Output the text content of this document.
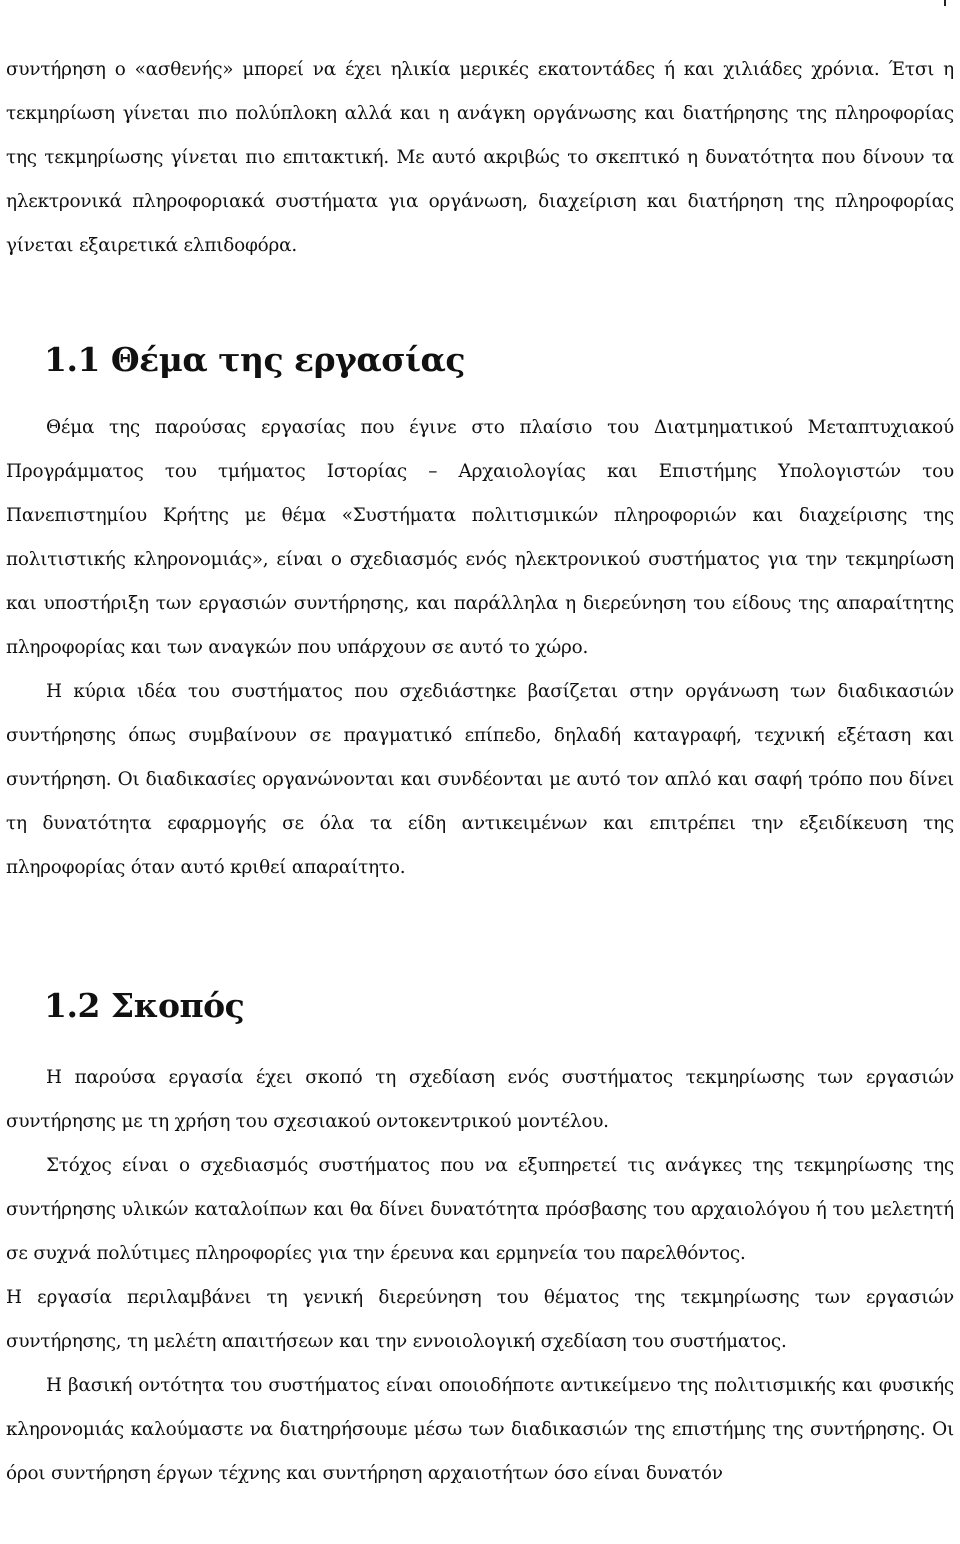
συντήρηση ο «ασθενής» μπορεί να έχει ηλικία μερικές εκατοντάδες ή και χιλιάδες χρόνια. Έτσι η τεκμηρίωση γίνεται πιο πολύπλοκη αλλά και η ανάγκη οργάνωσης και διατήρησης της πληροφορίας της τεκμηρίωσης γίνεται πιο επιτακτική. Με αυτό ακριβώς το σκεπτικό η δυνατότητα που δίνουν τα ηλεκτρονικά πληροφοριακά συστήματα για οργάνωση, διαχείριση και διατήρηση της πληροφορίας γίνεται εξαιρετικά ελπιδοφόρα.

1.1 Θέμα της εργασίας

Θέμα της παρούσας εργασίας που έγινε στο πλαίσιο του Διατμηματικού Μεταπτυχιακού Προγράμματος του τμήματος Ιστορίας – Αρχαιολογίας και Επιστήμης Υπολογιστών του Πανεπιστημίου Κρήτης με θέμα «Συστήματα πολιτισμικών πληροφοριών και διαχείρισης της πολιτιστικής κληρονομιάς», είναι ο σχεδιασμός ενός ηλεκτρονικού συστήματος για την τεκμηρίωση και υποστήριξη των εργασιών συντήρησης, και παράλληλα η διερεύνηση του είδους της απαραίτητης πληροφορίας και των αναγκών που υπάρχουν σε αυτό το χώρο.

Η κύρια ιδέα του συστήματος που σχεδιάστηκε βασίζεται στην οργάνωση των διαδικασιών συντήρησης όπως συμβαίνουν σε πραγματικό επίπεδο, δηλαδή καταγραφή, τεχνική εξέταση και συντήρηση. Οι διαδικασίες οργανώνονται και συνδέονται με αυτό τον απλό και σαφή τρόπο που δίνει τη δυνατότητα εφαρμογής σε όλα τα είδη αντικειμένων και επιτρέπει την εξειδίκευση της πληροφορίας όταν αυτό κριθεί απαραίτητο.

1.2 Σκοπός

Η παρούσα εργασία έχει σκοπό τη σχεδίαση ενός συστήματος τεκμηρίωσης των εργασιών συντήρησης με τη χρήση του σχεσιακού οντοκεντρικού μοντέλου.

Στόχος είναι ο σχεδιασμός συστήματος που να εξυπηρετεί τις ανάγκες της τεκμηρίωσης της συντήρησης υλικών καταλοίπων και θα δίνει δυνατότητα πρόσβασης του αρχαιολόγου ή του μελετητή σε συχνά πολύτιμες πληροφορίες για την έρευνα και ερμηνεία του παρελθόντος.

Η εργασία περιλαμβάνει τη γενική διερεύνηση του θέματος της τεκμηρίωσης των εργασιών συντήρησης, τη μελέτη απαιτήσεων και την εννοιολογική σχεδίαση του συστήματος.

Η βασική οντότητα του συστήματος είναι οποιοδήποτε αντικείμενο της πολιτισμικής και φυσικής κληρονομιάς καλούμαστε να διατηρήσουμε μέσω των διαδικασιών της επιστήμης της συντήρησης. Οι όροι συντήρηση έργων τέχνης και συντήρηση αρχαιοτήτων όσο είναι δυνατόν
